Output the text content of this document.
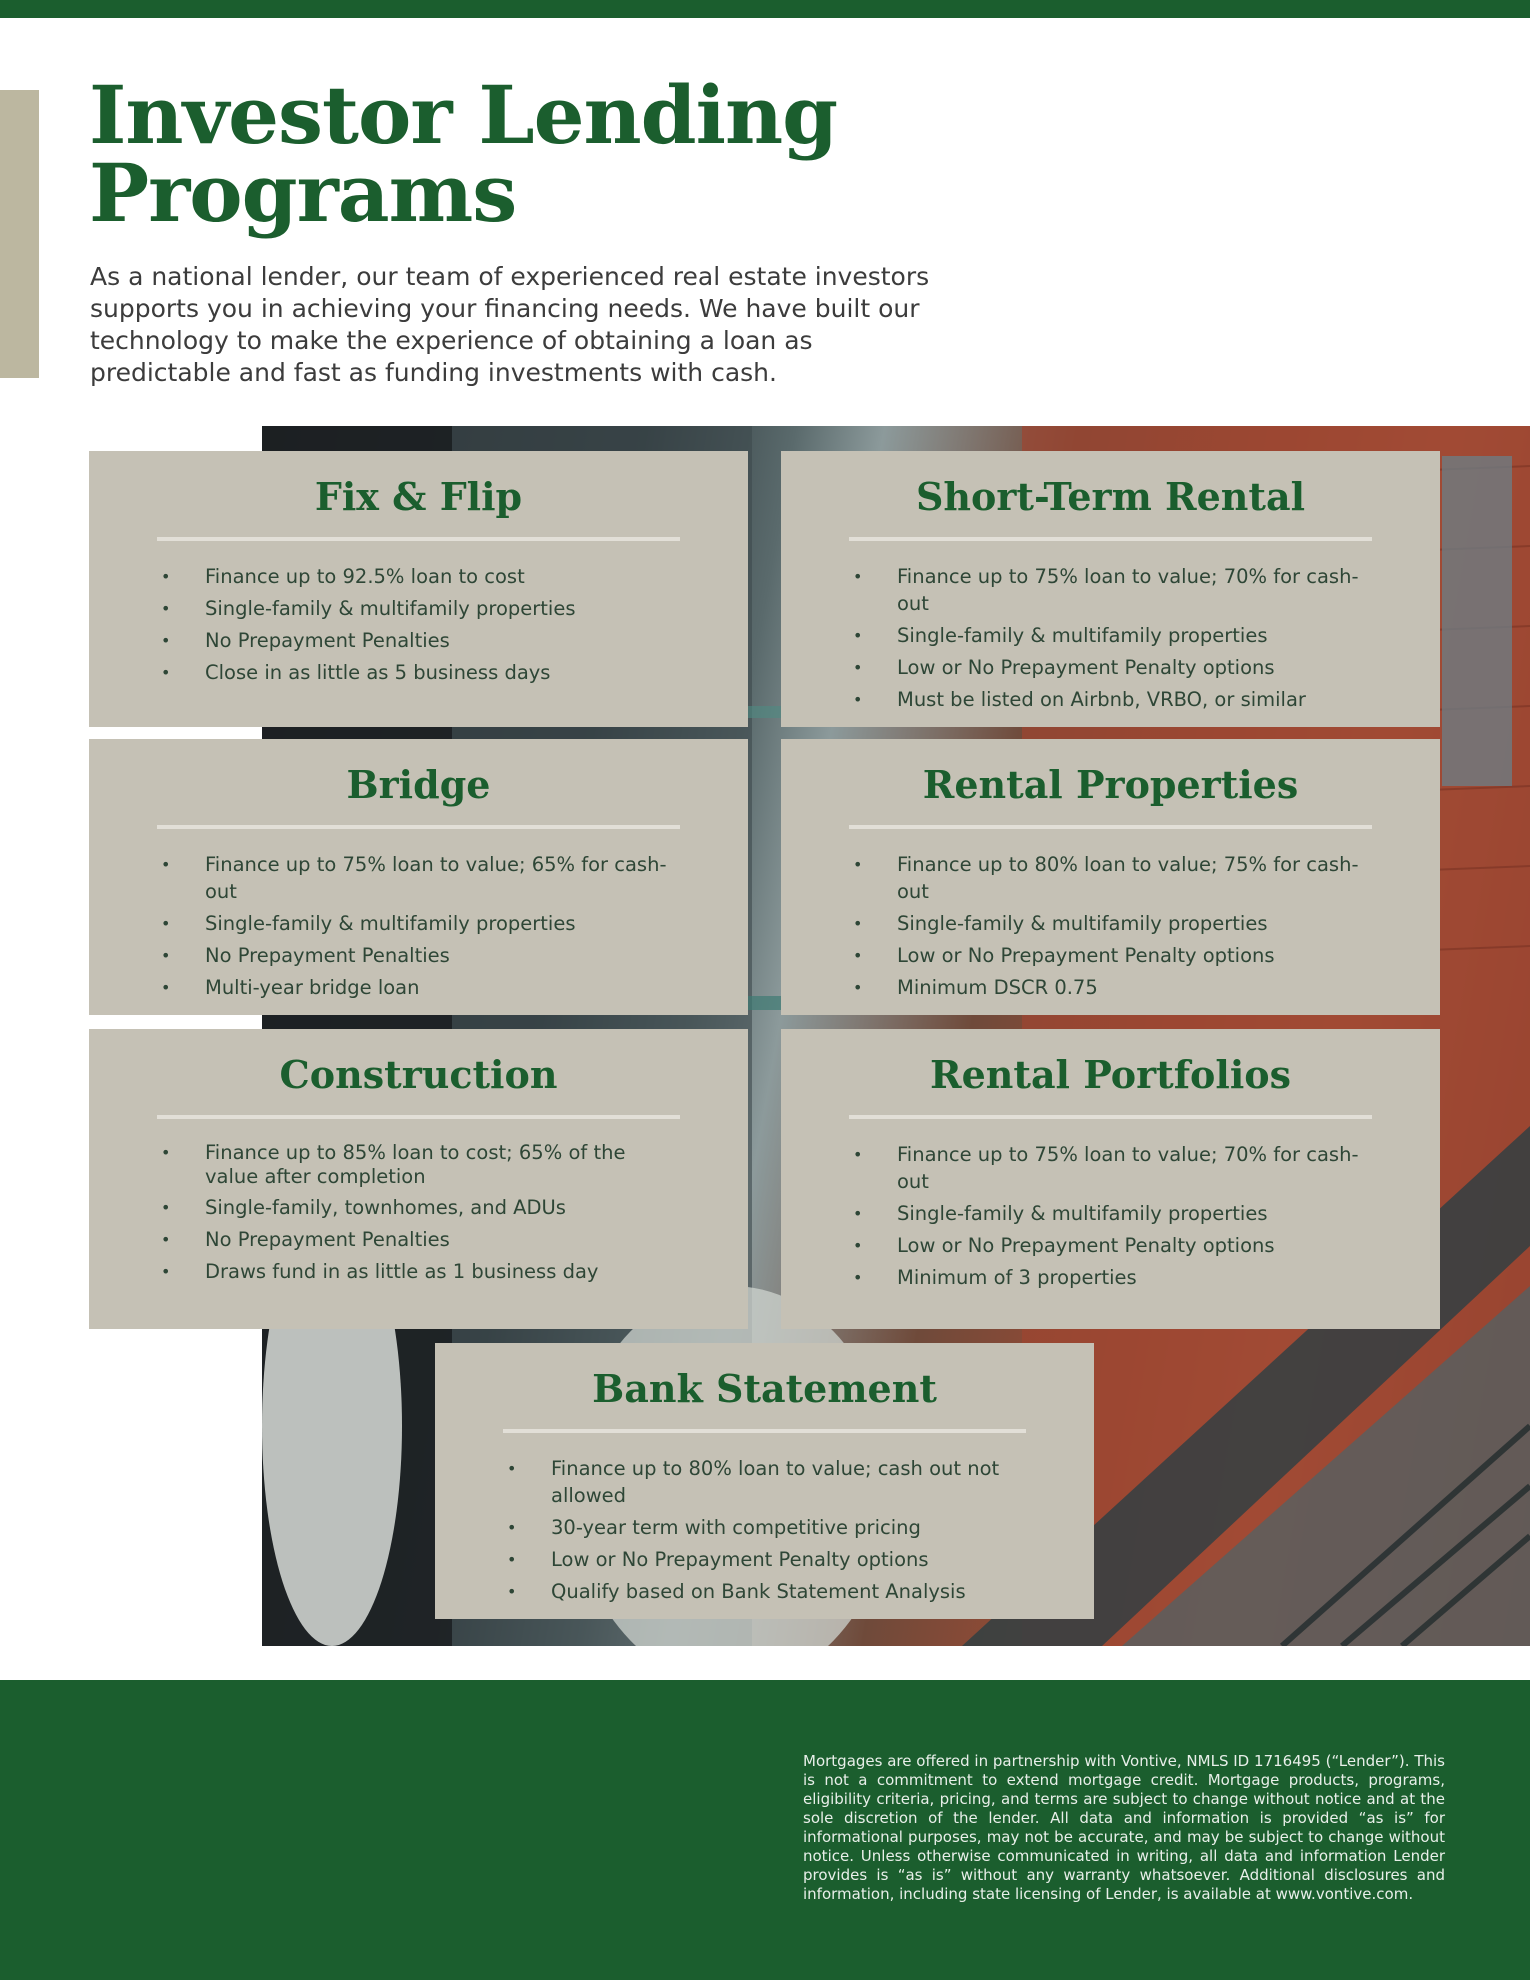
Investor Lending Programs

As a national lender, our team of experienced real estate investors supports you in achieving your financing needs. We have built our technology to make the experience of obtaining a loan as predictable and fast as funding investments with cash.

Fix & Flip
• Finance up to 92.5% loan to cost
• Single-family & multifamily properties
• No Prepayment Penalties
• Close in as little as 5 business days
Short-Term Rental
• Finance up to 75% loan to value; 70% for cash-out
• Single-family & multifamily properties
• Low or No Prepayment Penalty options
• Must be listed on Airbnb, VRBO, or similar
Bridge
• Finance up to 75% loan to value; 65% for cash-out
• Single-family & multifamily properties
• No Prepayment Penalties
• Multi-year bridge loan
Rental Properties
• Finance up to 80% loan to value; 75% for cash-out
• Single-family & multifamily properties
• Low or No Prepayment Penalty options
• Minimum DSCR 0.75
Construction
• Finance up to 85% loan to cost; 65% of the value after completion
• Single-family, townhomes, and ADUs
• No Prepayment Penalties
• Draws fund in as little as 1 business day
Rental Portfolios
• Finance up to 75% loan to value; 70% for cash-out
• Single-family & multifamily properties
• Low or No Prepayment Penalty options
• Minimum of 3 properties
Bank Statement
• Finance up to 80% loan to value; cash out not allowed
• 30-year term with competitive pricing
• Low or No Prepayment Penalty options
• Qualify based on Bank Statement Analysis

Mortgages are offered in partnership with Vontive, NMLS ID 1716495 (“Lender”). This is not a commitment to extend mortgage credit. Mortgage products, programs, eligibility criteria, pricing, and terms are subject to change without notice and at the sole discretion of the lender. All data and information is provided “as is” for informational purposes, may not be accurate, and may be subject to change without notice. Unless otherwise communicated in writing, all data and information Lender provides is “as is” without any warranty whatsoever. Additional disclosures and information, including state licensing of Lender, is available at www.vontive.com.
